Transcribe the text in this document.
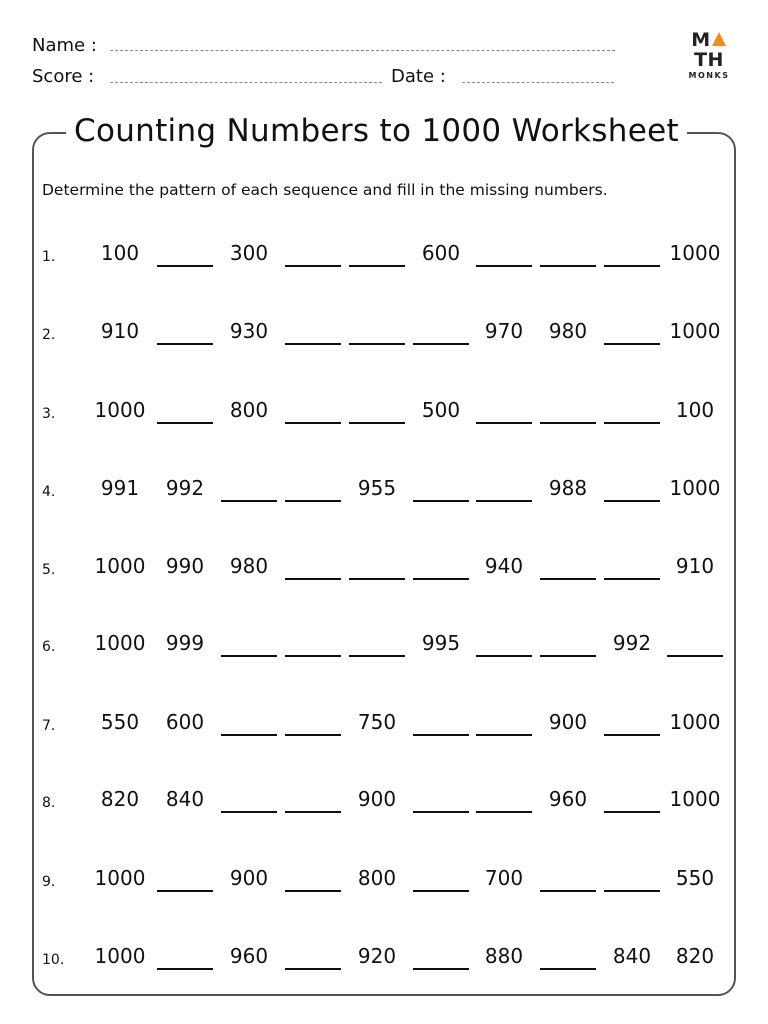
Name :
Score :	Date :
MTH
MONKS
Counting Numbers to 1000 Worksheet
Determine the pattern of each sequence and fill in the missing numbers.
1.	100	300	600	1000
2.	910	930	970	980	1000
3. 1000	800	500	100
4.	991	992	955	988	1000
5. 1000	990	980	940	910
6. 1000	999	995	992
7.	550	600	750	900	1000
8.	820	840	900	960	1000
9. 1000	900	800	700	550
10. 1000	960	920	880	840	820
